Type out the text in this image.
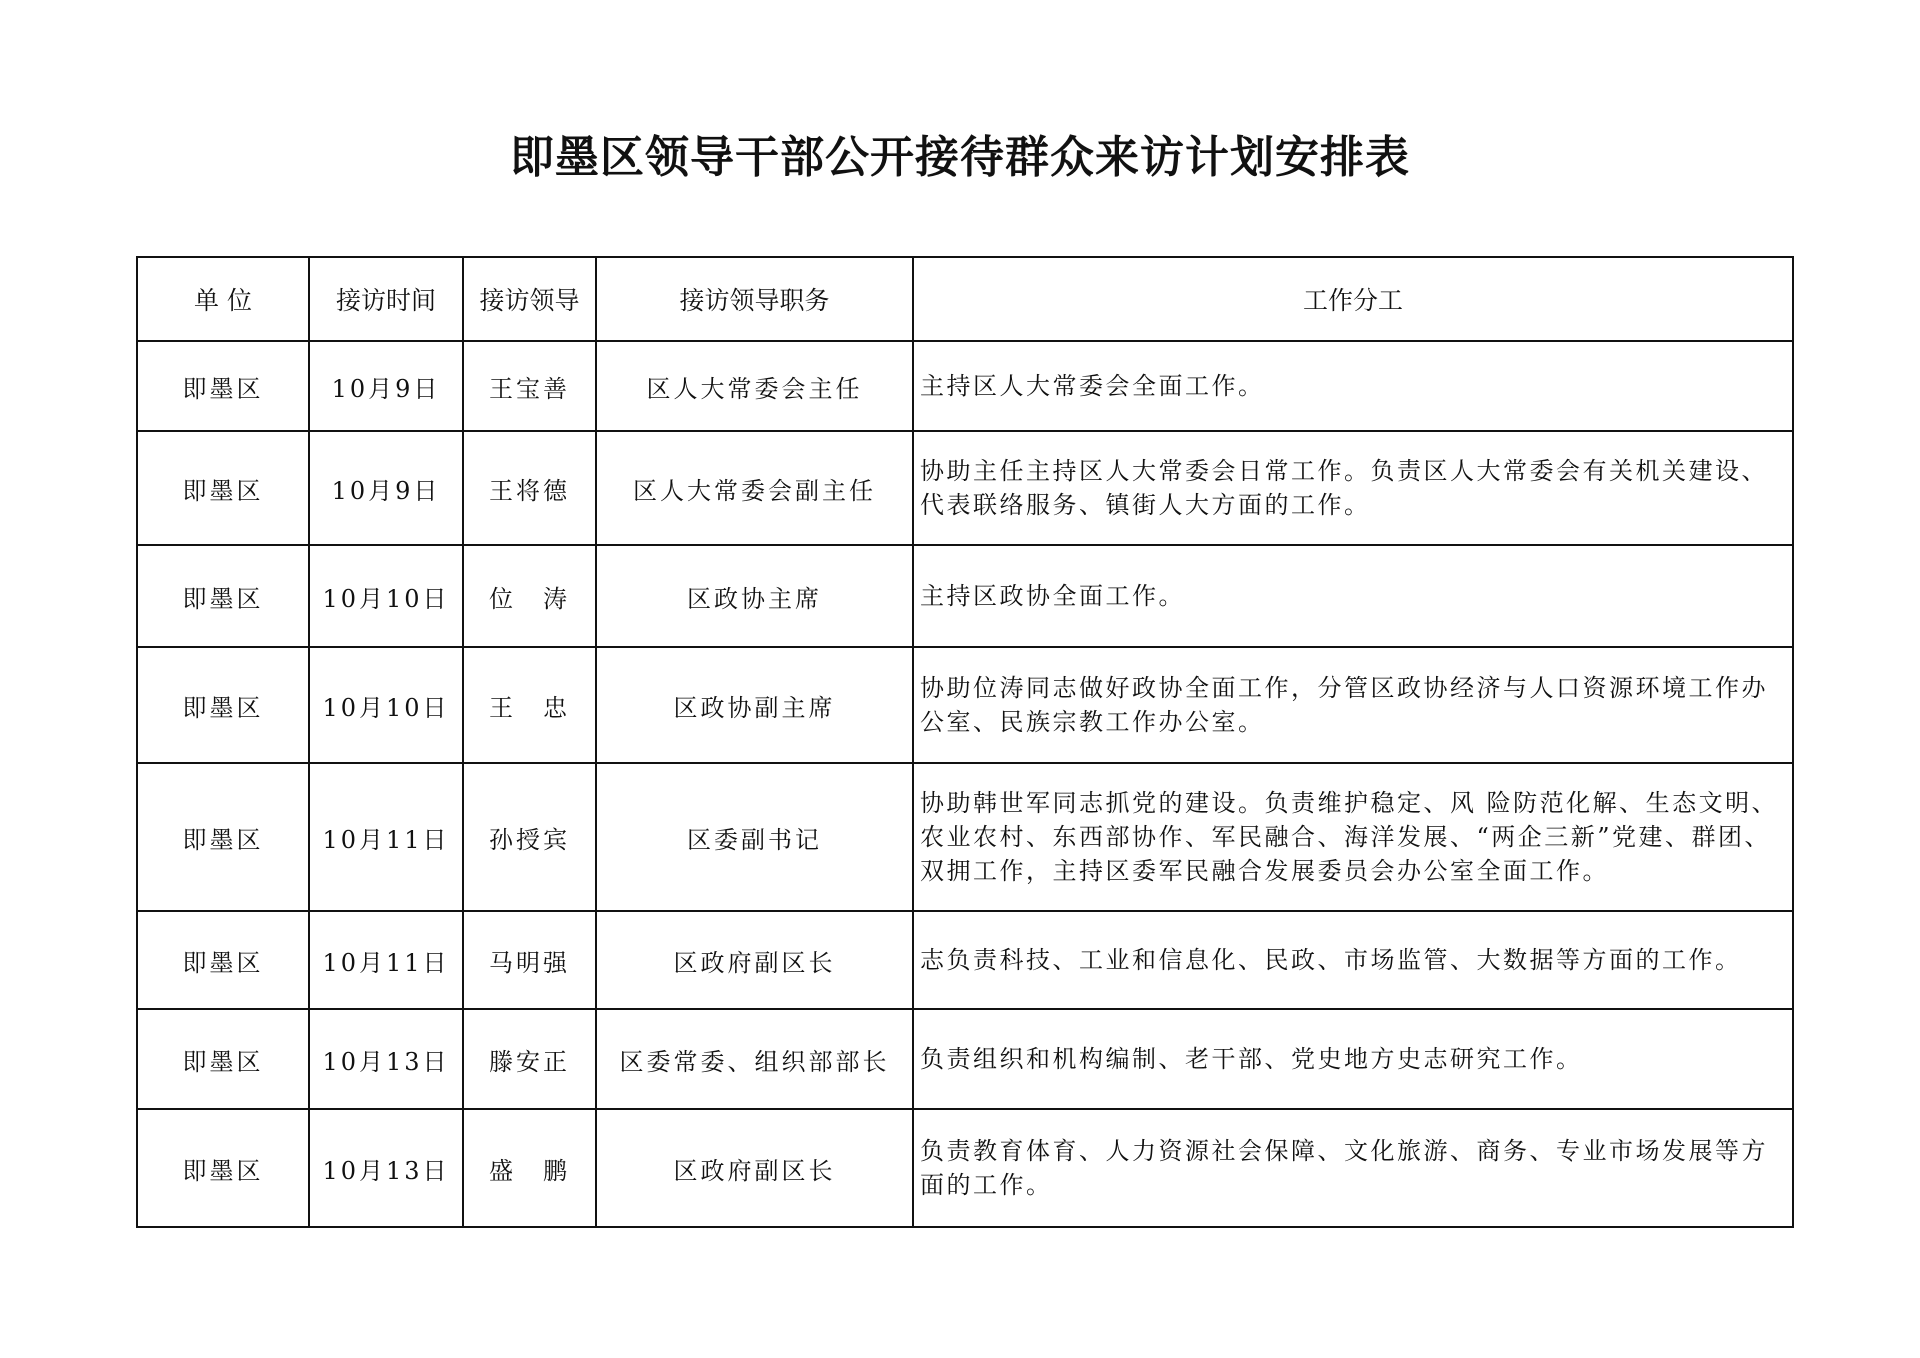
即墨区领导干部公开接待群众来访计划安排表
单 位	接访时间	接访领导	接访领导职务	工作分工
即墨区	10月9日	王宝善	区人大常委会主任	主持区人大常委会全面工作。
即墨区	10月9日	王将德	区人大常委会副主任	协助主任主持区人大常委会日常工作。负责区人大常委会有关机关建设、代表联络服务、镇街人大方面的工作。
即墨区	10月10日	位　涛	区政协主席	主持区政协全面工作。
即墨区	10月10日	王　忠	区政协副主席	协助位涛同志做好政协全面工作，分管区政协经济与人口资源环境工作办公室、民族宗教工作办公室。
即墨区	10月11日	孙授宾	区委副书记	协助韩世军同志抓党的建设。负责维护稳定、风 险防范化解、生态文明、农业农村、东西部协作、军民融合、海洋发展、“两企三新”党建、群团、双拥工作，主持区委军民融合发展委员会办公室全面工作。
即墨区	10月11日	马明强	区政府副区长	志负责科技、工业和信息化、民政、市场监管、大数据等方面的工作。
即墨区	10月13日	滕安正	区委常委、组织部部长	负责组织和机构编制、老干部、党史地方史志研究工作。
即墨区	10月13日	盛　鹏	区政府副区长	负责教育体育、人力资源社会保障、文化旅游、商务、专业市场发展等方面的工作。
